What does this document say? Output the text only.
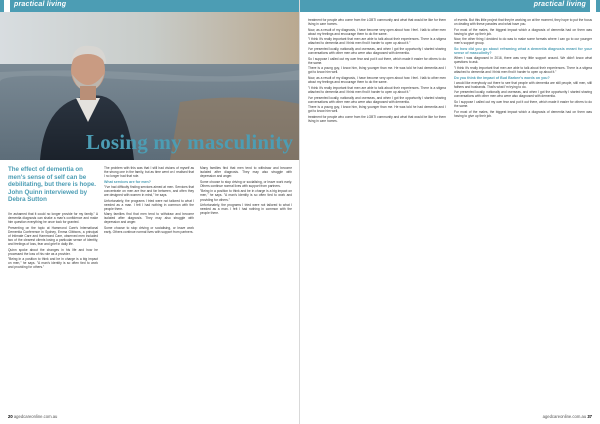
practical living
Losing my masculinity
The effect of dementia on men's sense of self can be debilitating, but there is hope. John Quinn interviewed by Debra Sutton

I'm ashamed that it could no longer provide for my family." A dementia diagnosis can shake a man's confidence and make him question everything he once took for granted.

Presenting on the topic at Hammond Care's International Dementia Conference in Sydney, Emma Gibbons, a principal of Intimate Care and Hammond Care, observed men included two of the clearest clients losing a particular sense of identity, and feelings of loss, fear and grief in daily life.

Quinn spoke about the changes in his life and how he processed the loss of his role as a provider.

"Being in a position to think and be in charge is a big impact on men," he says. "A man's identity is so often tied to work and providing for others."

The problem with this was that I still had visions of myself as the strong one in the family, but as time went on I realised that I no longer had that role.

What services are for men?

"I've had difficulty finding services aimed at men. Services that concentrate on men are few and far between, and often they are designed with women in mind," he says.

Unfortunately, the programs I tried were not tailored to what I needed as a man. I felt I had nothing in common with the people there.

Many families find that men tend to withdraw and become isolated after diagnosis. They may also struggle with depression and anger.

Some choose to stop driving or socialising, or leave work early. Others continue normal lives with support from partners.

Many families find that men tend to withdraw and become isolated after diagnosis. They may also struggle with depression and anger.

Some choose to stop driving or socialising, or leave work early. Others continue normal lives with support from partners.

"Being in a position to think and be in charge is a big impact on men," he says. "A man's identity is so often tied to work and providing for others."

Unfortunately, the programs I tried were not tailored to what I needed as a man. I felt I had nothing in common with the people there.

20 agedcareonline.com.au
practical living

treatment for people who come from the LGBTI community and what that would be like for them living in care homes.

Now, as a result of my diagnosis, I have become very open about how I feel. I talk to other men about my feelings and encourage them to do the same.

"I think it's really important that men are able to talk about their experiences. There is a stigma attached to dementia and I think men find it harder to open up about it."

I've presented locally, nationally and overseas, and when I got the opportunity I started sharing conversations with other men who were also diagnosed with dementia.

So I suppose I called out my own fear and put it out there, which made it easier for others to do the same.

There is a young guy, I know him, living younger than me. He was told he had dementia and I got to know him well.

Now, as a result of my diagnosis, I have become very open about how I feel. I talk to other men about my feelings and encourage them to do the same.

"I think it's really important that men are able to talk about their experiences. There is a stigma attached to dementia and I think men find it harder to open up about it."

I've presented locally, nationally and overseas, and when I got the opportunity I started sharing conversations with other men who were also diagnosed with dementia.

There is a young guy, I know him, living younger than me. He was told he had dementia and I got to know him well.

treatment for people who come from the LGBTI community and what that would be like for them living in care homes.

of events. But this little project that they're working on at the moment, they hope to put the focus on dealing with these parades and what have you.

For most of the males, the biggest impact which a diagnosis of dementia had on them was having to give up their job.

Now, the other thing I decided to do was to make some formats where I can go to our younger men's support group.

So how did you go about reframing what a dementia diagnosis meant for your sense of masculinity?

When I was diagnosed in 2016, there was very little support around. We didn't know what questions to ask.

"I think it's really important that men are able to talk about their experiences. There is a stigma attached to dementia and I think men find it harder to open up about it."

Do you think the impact of Bud Barbee's words on you?

I would like everybody out there to see that people with dementia are still people, still men, still fathers and husbands. That's what I'm trying to do.

I've presented locally, nationally and overseas, and when I got the opportunity I started sharing conversations with other men who were also diagnosed with dementia.

So I suppose I called out my own fear and put it out there, which made it easier for others to do the same.

For most of the males, the biggest impact which a diagnosis of dementia had on them was having to give up their job.

agedcareonline.com.au 37
